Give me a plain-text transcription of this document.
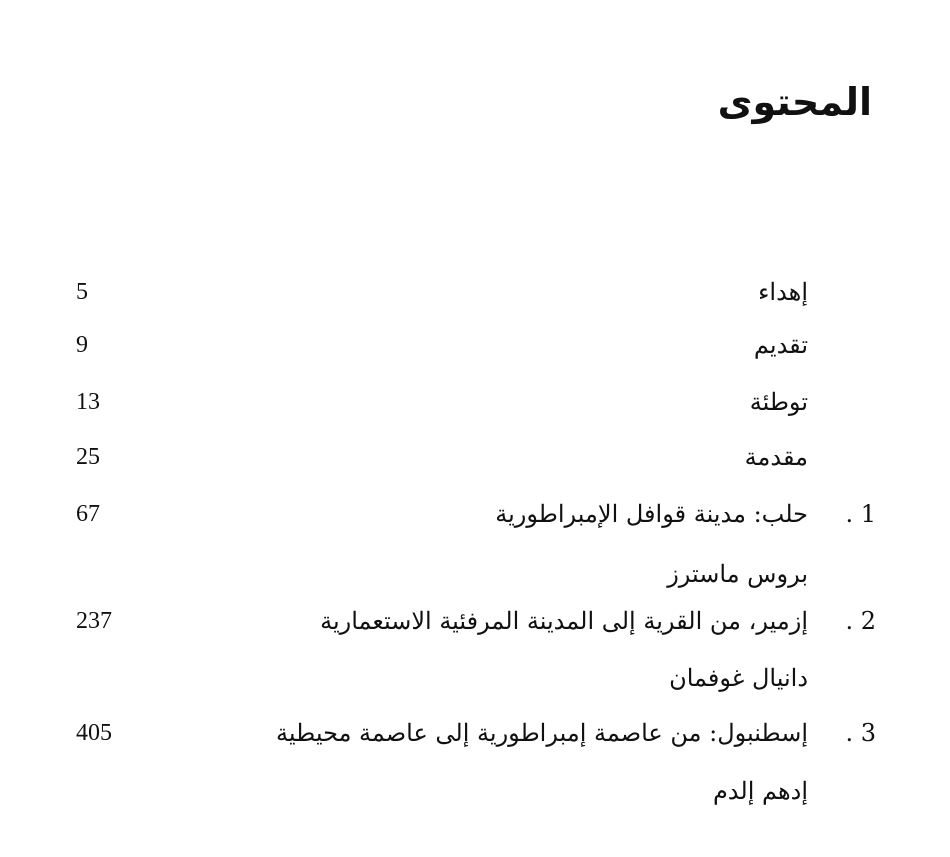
المحتوى
إهداء
5
تقديم
9
توطئة
13
مقدمة
25
1 .
حلب: مدينة قوافل الإمبراطورية
67
بروس ماسترز
2 .
إزمير، من القرية إلى المدينة المرفئية الاستعمارية
237
دانيال غوفمان
3 .
إسطنبول: من عاصمة إمبراطورية إلى عاصمة محيطية
405
إدهم إلدم
